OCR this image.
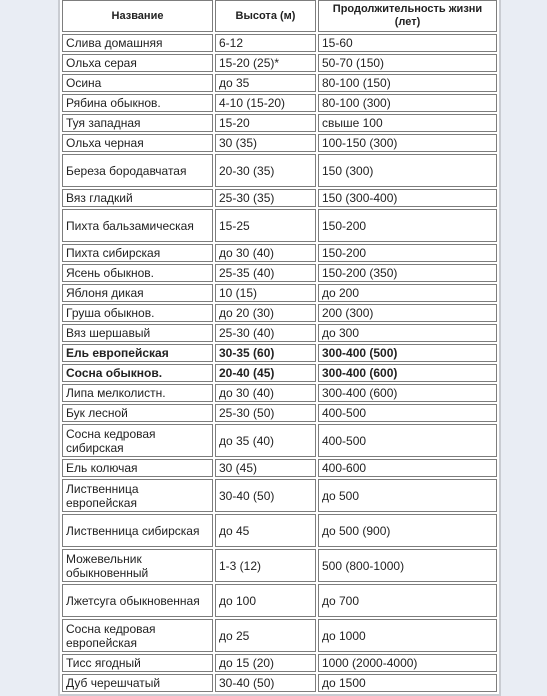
Название	Высота (м)	Продолжительность жизни (лет)
Слива домашняя	6-12	15-60
Ольха серая	15-20 (25)*	50-70 (150)
Осина	до 35	80-100 (150)
Рябина обыкнов.	4-10 (15-20)	80-100 (300)
Туя западная	15-20	свыше 100
Ольха черная	30 (35)	100-150 (300)
Береза бородавчатая	20-30 (35)	150 (300)
Вяз гладкий	25-30 (35)	150 (300-400)
Пихта бальзамическая	15-25	150-200
Пихта сибирская	до 30 (40)	150-200
Ясень обыкнов.	25-35 (40)	150-200 (350)
Яблоня дикая	10 (15)	до 200
Груша обыкнов.	до 20 (30)	200 (300)
Вяз шершавый	25-30 (40)	до 300
Ель европейская	30-35 (60)	300-400 (500)
Сосна обыкнов.	20-40 (45)	300-400 (600)
Липа мелколистн.	до 30 (40)	300-400 (600)
Бук лесной	25-30 (50)	400-500
Сосна кедровая сибирская	до 35 (40)	400-500
Ель колючая	30 (45)	400-600
Лиственница европейская	30-40 (50)	до 500
Лиственница сибирская	до 45	до 500 (900)
Можевельник обыкновенный	1-3 (12)	500 (800-1000)
Лжетсуга обыкновенная	до 100	до 700
Сосна кедровая европейская	до 25	до 1000
Тисс ягодный	до 15 (20)	1000 (2000-4000)
Дуб черешчатый	30-40 (50)	до 1500
